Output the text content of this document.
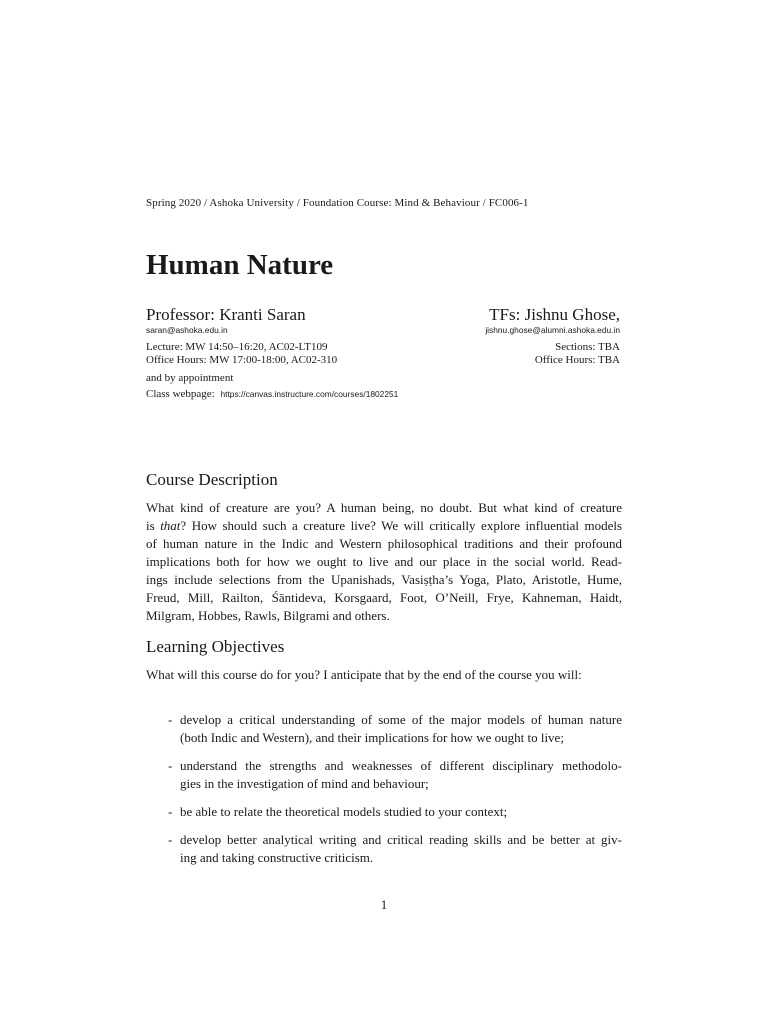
Spring 2020 / Ashoka University / Foundation Course: Mind & Behaviour / FC006-1
Human Nature
Professor: Kranti Saran	TFs: Jishnu Ghose,
saran@ashoka.edu.in	jishnu.ghose@alumni.ashoka.edu.in
Lecture: MW 14:50–16:20, AC02-LT109
Office Hours: MW 17:00-18:00, AC02-310
Sections: TBA
Office Hours: TBA
and by appointment
Class webpage: https://canvas.instructure.com/courses/1802251
Course Description
What kind of creature are you? A human being, no doubt. But what kind of creature
is that? How should such a creature live? We will critically explore influential models
of human nature in the Indic and Western philosophical traditions and their profound
implications both for how we ought to live and our place in the social world. Read-
ings include selections from the Upanishads, Vasiṣṭha’s Yoga, Plato, Aristotle, Hume,
Freud, Mill, Railton, Śāntideva, Korsgaard, Foot, O’Neill, Frye, Kahneman, Haidt,
Milgram, Hobbes, Rawls, Bilgrami and others.
Learning Objectives
What will this course do for you? I anticipate that by the end of the course you will:
- develop a critical understanding of some of the major models of human nature
(both Indic and Western), and their implications for how we ought to live;
- understand the strengths and weaknesses of different disciplinary methodolo-
gies in the investigation of mind and behaviour;
- be able to relate the theoretical models studied to your context;
- develop better analytical writing and critical reading skills and be better at giv-
ing and taking constructive criticism.
1
